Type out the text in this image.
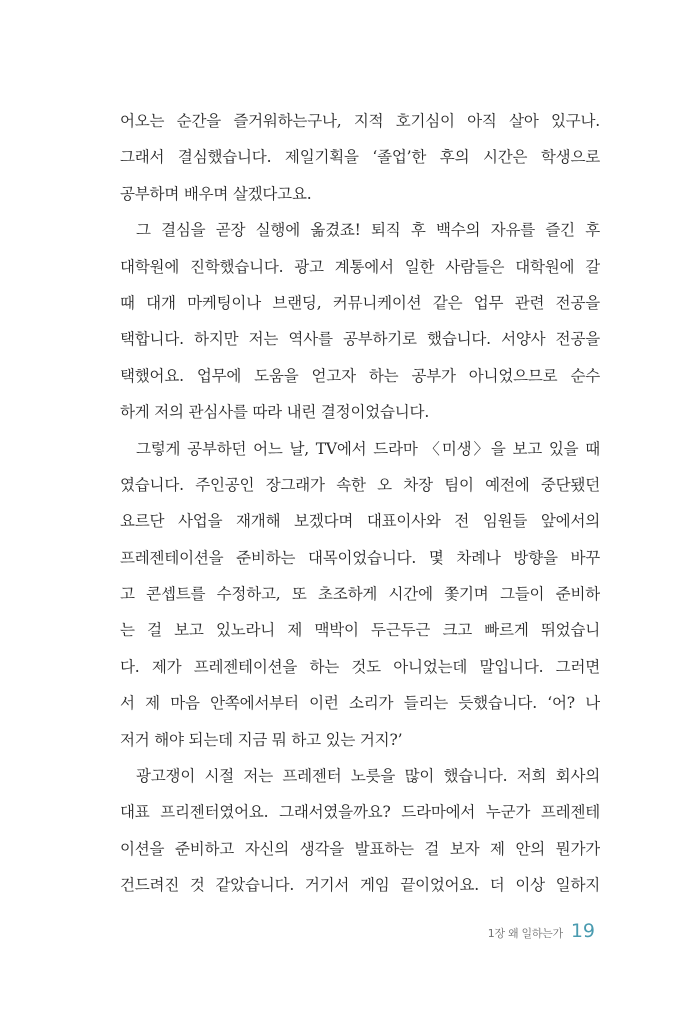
어오는 순간을 즐거워하는구나, 지적 호기심이 아직 살아 있구나.
그래서 결심했습니다. 제일기획을 ‘졸업’한 후의 시간은 학생으로
공부하며 배우며 살겠다고요.
그 결심을 곧장 실행에 옮겼죠! 퇴직 후 백수의 자유를 즐긴 후
대학원에 진학했습니다. 광고 계통에서 일한 사람들은 대학원에 갈
때 대개 마케팅이나 브랜딩, 커뮤니케이션 같은 업무 관련 전공을
택합니다. 하지만 저는 역사를 공부하기로 했습니다. 서양사 전공을
택했어요. 업무에 도움을 얻고자 하는 공부가 아니었으므로 순수
하게 저의 관심사를 따라 내린 결정이었습니다.
그렇게 공부하던 어느 날, TV에서 드라마 〈미생〉을 보고 있을 때
였습니다. 주인공인 장그래가 속한 오 차장 팀이 예전에 중단됐던
요르단 사업을 재개해 보겠다며 대표이사와 전 임원들 앞에서의
프레젠테이션을 준비하는 대목이었습니다. 몇 차례나 방향을 바꾸
고 콘셉트를 수정하고, 또 초조하게 시간에 쫓기며 그들이 준비하
는 걸 보고 있노라니 제 맥박이 두근두근 크고 빠르게 뛰었습니
다. 제가 프레젠테이션을 하는 것도 아니었는데 말입니다. 그러면
서 제 마음 안쪽에서부터 이런 소리가 들리는 듯했습니다. ‘어? 나
저거 해야 되는데 지금 뭐 하고 있는 거지?’
광고쟁이 시절 저는 프레젠터 노릇을 많이 했습니다. 저희 회사의
대표 프리젠터였어요. 그래서였을까요? 드라마에서 누군가 프레젠테
이션을 준비하고 자신의 생각을 발표하는 걸 보자 제 안의 뭔가가
건드려진 것 같았습니다. 거기서 게임 끝이었어요. 더 이상 일하지
1장 왜 일하는가 19
